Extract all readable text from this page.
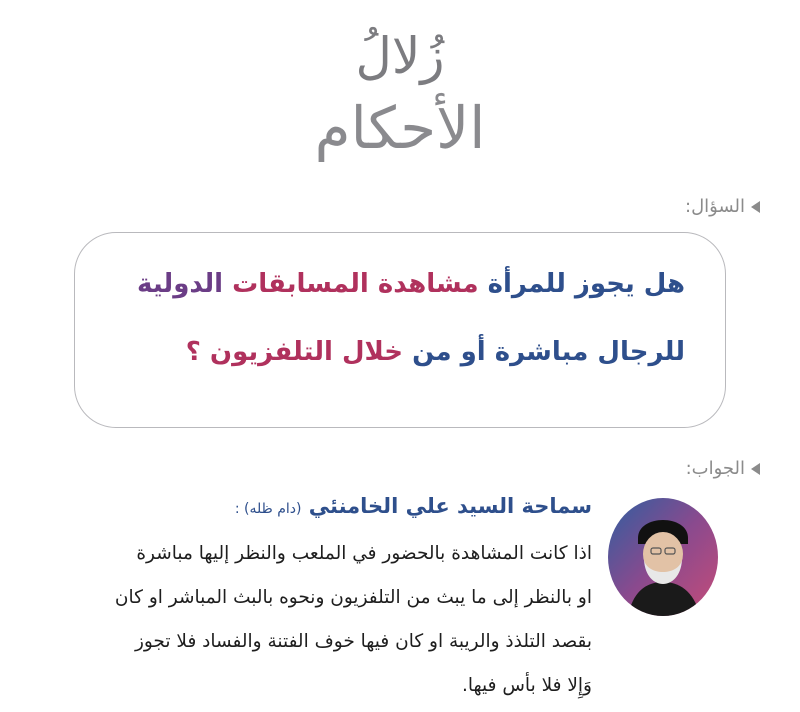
زُلالُ
الأحكام
السؤال:
هل يجوز للمرأة مشاهدة المسابقات الدولية
للرجال مباشرة أو من خلال التلفزيون ؟
الجواب:
سماحة السيد علي الخامنئي (دام ظله) :
اذا كانت المشاهدة بالحضور في الملعب والنظر إليها مباشرة
او بالنظر إلى ما يبث من التلفزيون ونحوه بالبث المباشر او كان
بقصد التلذذ والريبة او كان فيها خوف الفتنة والفساد فلا تجوز
وَإِلا فلا بأس فيها.
